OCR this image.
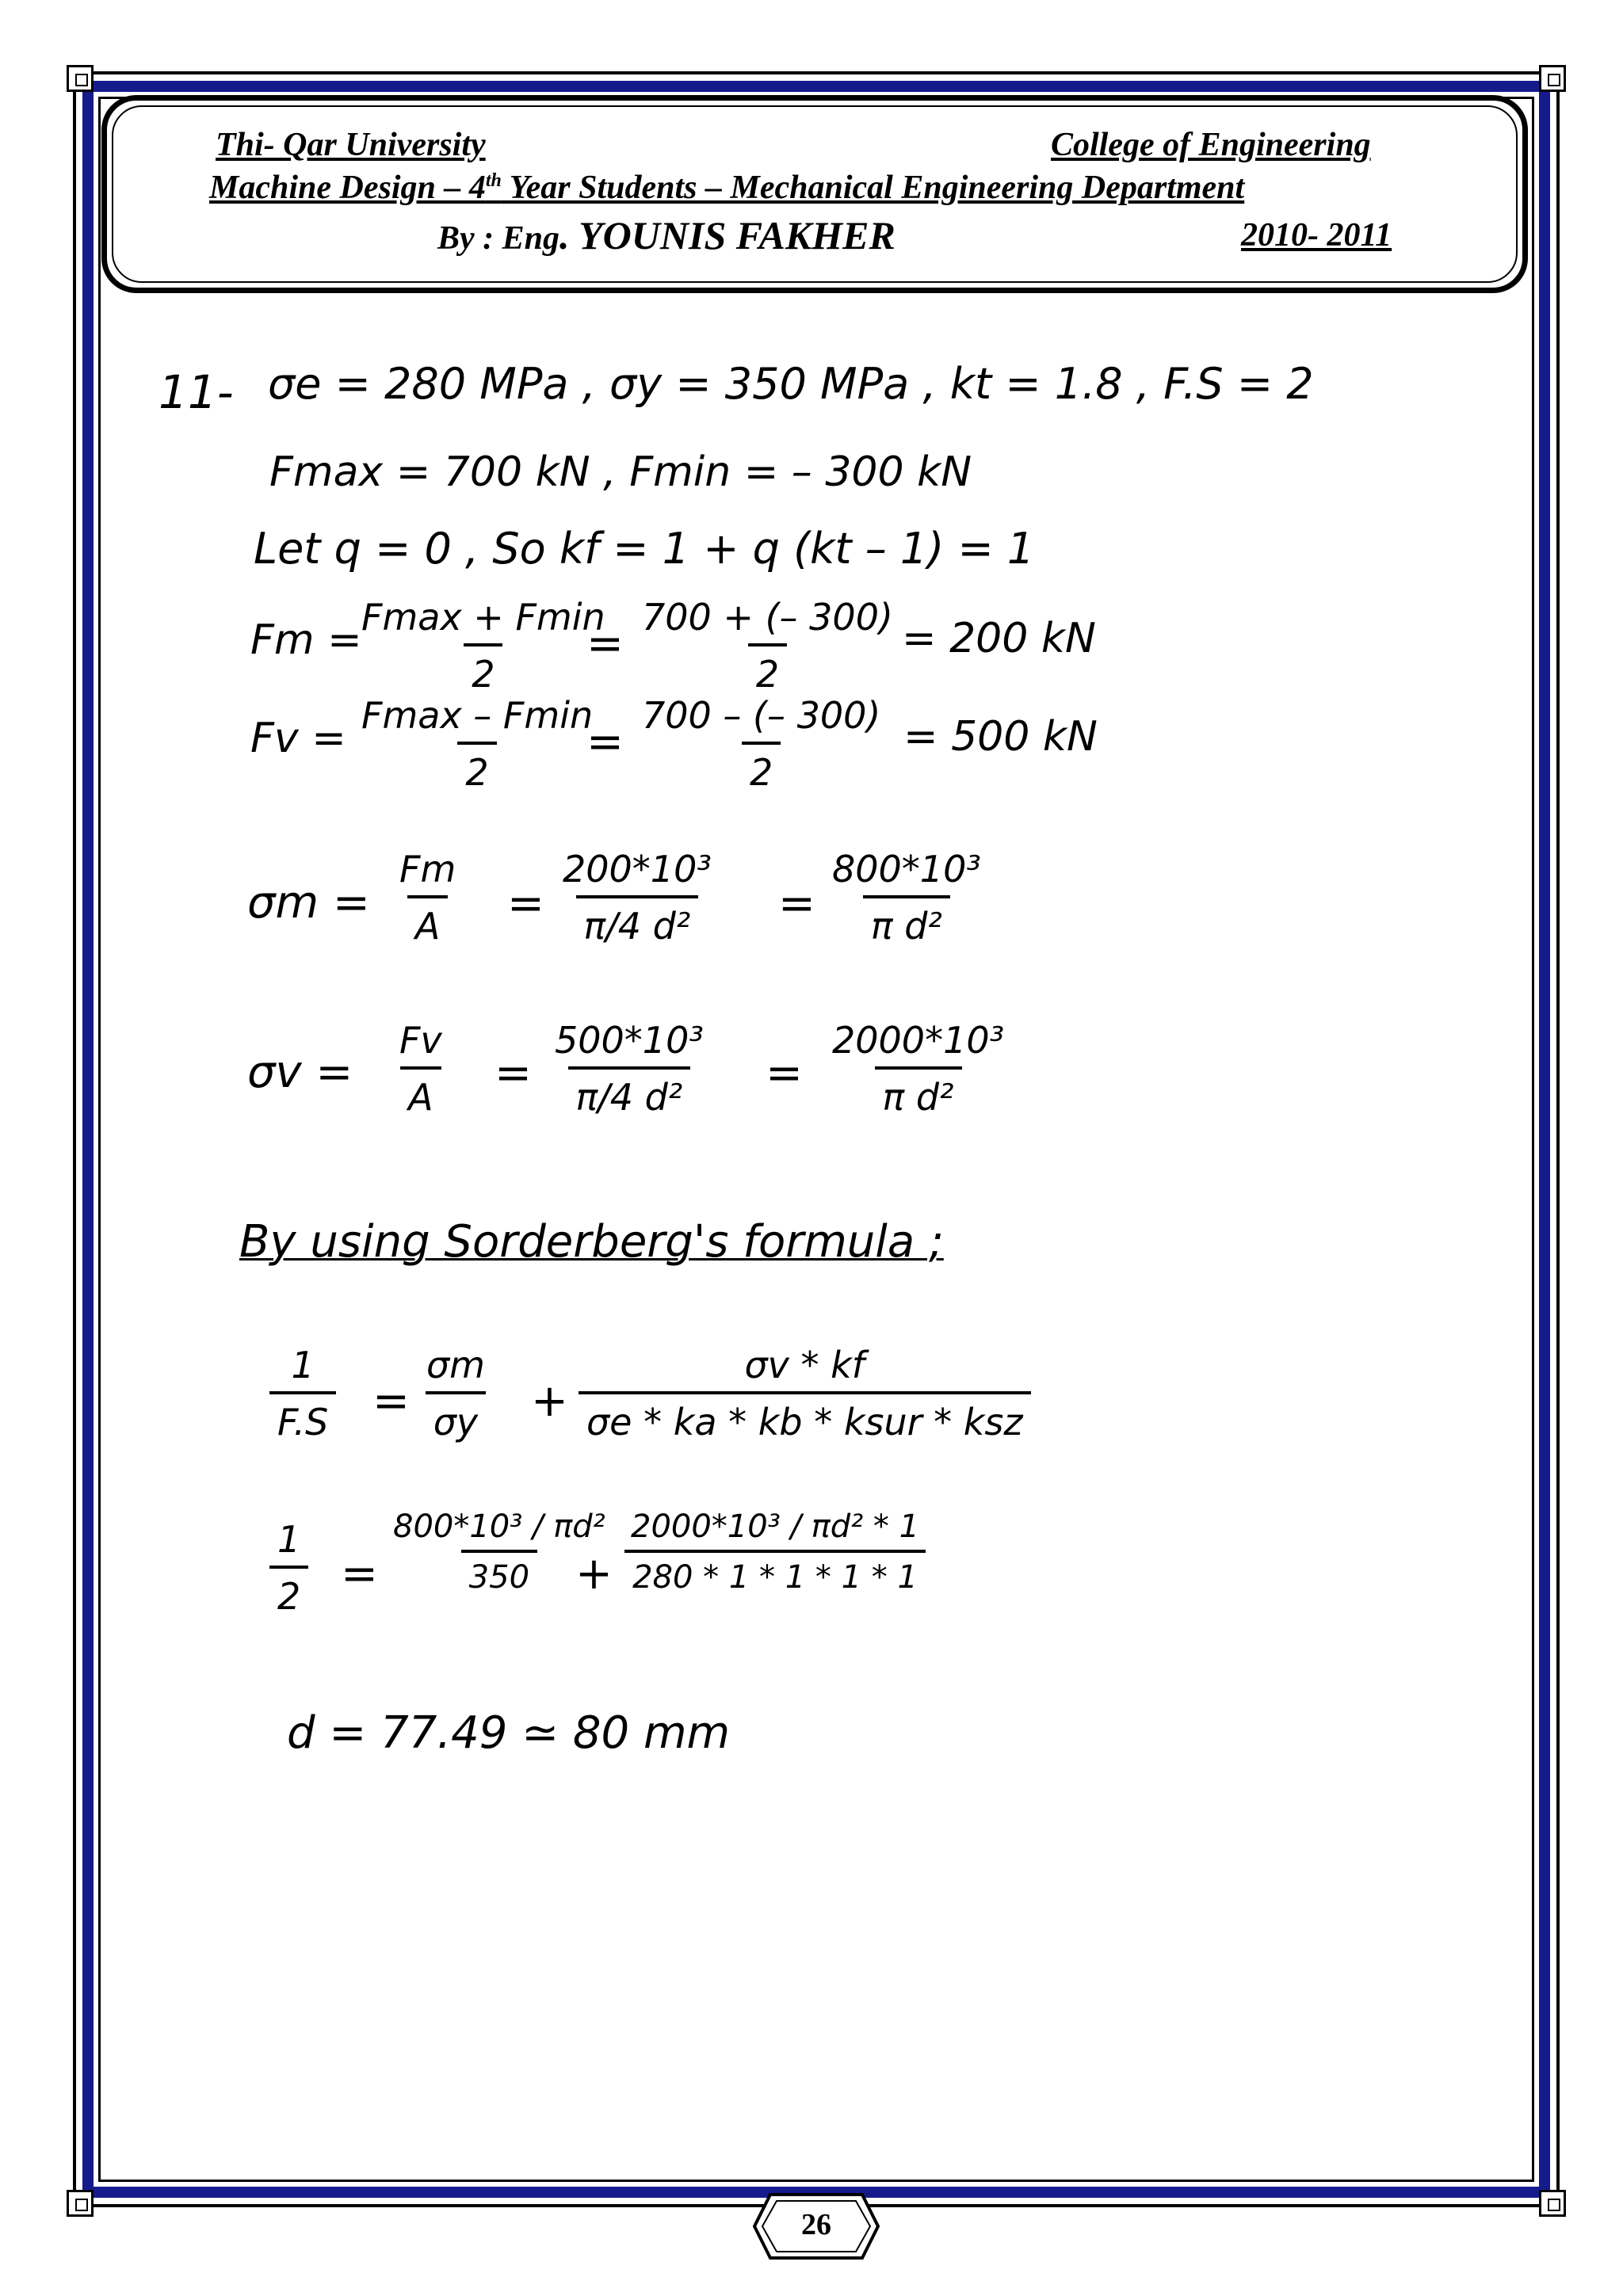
Thi- Qar University	College of Engineering
Machine Design – 4th Year Students – Mechanical Engineering Department
By : Eng. YOUNIS FAKHER	2010- 2011
11- σe = 280 MPa , σy = 350 MPa , kt = 1.8 , F.S = 2
Fmax = 700 kN , Fmin = – 300 kN
Let q = 0 , So kf = 1 + q (kt – 1) = 1
Fm = Fmax + Fmin
2
= $\frac{700 + (- 300)}{2} = 200$ kN
Fv = Fmax – Fmin
2
= $\frac{700 - (- 300)}{2} = 500$ kN
$\sigma m = \frac{Fm}{A} = \frac{\text{200*10³}}{\text{π/4 d²}} = \frac{\text{800*10³}}{\text{π d²}}$
$\sigma v = \frac{Fv}{A} = \frac{\text{500*10³}}{\text{π/4 d²}} = \frac{\text{2000*10³}}{\text{π d²}}$
By using Sorderberg's formula ;
$\frac{1}{F.S} = \frac{\sigma m}{\sigma y}$ +
σv * kf
σe * ka * kb * ksur * ksz
$\frac{1}{2} = \frac{\text{800*10³ / πd²}}{350}$
+ $\frac{\text{2000*10³ / πd² * 1}}{280 * 1 * 1 * 1 * 1}$
d = 77.49 ≃ 80 mm
26
